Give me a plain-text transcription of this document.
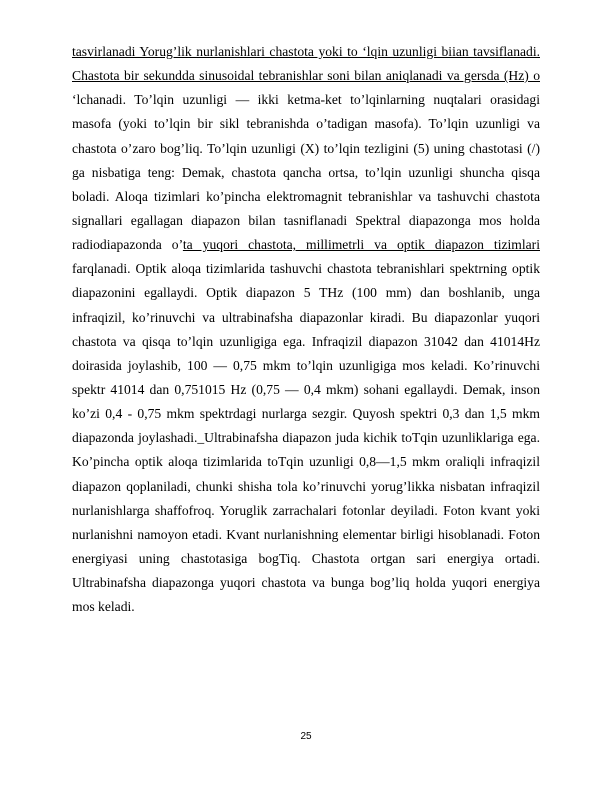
tasvirlanadi Yorug’lik nurlanishlari chastota yoki to ‘lqin uzunligi biian tavsiflanadi.
Chastota bir sekundda sinusoidal tebranishlar soni bilan aniqlanadi va gersda (Hz) o
‘lchanadi. To’lqin uzunligi — ikki ketma-ket to’lqinlarning nuqtalari orasidagi
masofa (yoki to’lqin bir sikl tebranishda o’tadigan masofa). To’lqin uzunligi va
chastota o’zaro bog’liq. To’lqin uzunligi (X) to’lqin tezligini (5) uning chastotasi (/)
ga nisbatiga teng: Demak, chastota qancha ortsa, to’lqin uzunligi shuncha qisqa
boladi. Aloqa tizimlari ko’pincha elektromagnit tebranishlar va tashuvchi chastota
signallari egallagan diapazon bilan tasniflanadi Spektral diapazonga mos holda
radiodiapazonda o’ta yuqori chastota, millimetrli va optik diapazon tizimlari
farqlanadi. Optik aloqa tizimlarida tashuvchi chastota tebranishlari spektrning optik
diapazonini egallaydi. Optik diapazon 5 THz (100 mm) dan boshlanib, unga
infraqizil, ko’rinuvchi va ultrabinafsha diapazonlar kiradi. Bu diapazonlar yuqori
chastota va qisqa to’lqin uzunligiga ega. Infraqizil diapazon 31042 dan 41014Hz
doirasida joylashib, 100 — 0,75 mkm to’lqin uzunligiga mos keladi. Ko’rinuvchi
spektr 41014 dan 0,751015 Hz (0,75 — 0,4 mkm) sohani egallaydi. Demak, inson
ko’zi 0,4 - 0,75 mkm spektrdagi nurlarga sezgir. Quyosh spektri 0,3 dan 1,5 mkm
diapazonda joylashadi._Ultrabinafsha diapazon juda kichik toTqin uzunliklariga ega.
Ko’pincha optik aloqa tizimlarida toTqin uzunligi 0,8—1,5 mkm oraliqli infraqizil
diapazon qoplaniladi, chunki shisha tola ko’rinuvchi yorug’likka nisbatan infraqizil
nurlanishlarga shaffofroq. Yoruglik zarrachalari fotonlar deyiladi. Foton kvant yoki
nurlanishni namoyon etadi. Kvant nurlanishning elementar birligi hisoblanadi. Foton
energiyasi uning chastotasiga bogTiq. Chastota ortgan sari energiya ortadi.
Ultrabinafsha diapazonga yuqori chastota va bunga bog’liq holda yuqori energiya
mos keladi.
25
